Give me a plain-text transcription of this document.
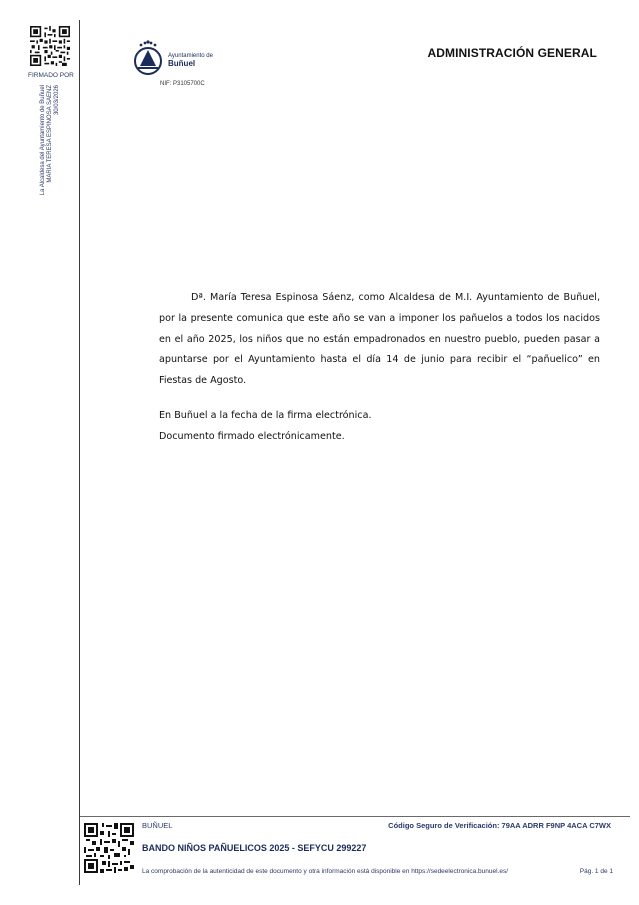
FIRMADO POR
La Alcaldesa del Ayuntamiento de Buñuel MARIA TERESA ESPINOSA SAENZ 30/03/2026
Ayuntamiento de
Buñuel
NIF: P3105700C
ADMINISTRACIÓN GENERAL

Dª. María Teresa Espinosa Sáenz, como Alcaldesa de M.I. Ayuntamiento de Buñuel, por la presente comunica que este año se van a imponer los pañuelos a todos los nacidos en el año 2025, los niños que no están empadronados en nuestro pueblo, pueden pasar a apuntarse por el Ayuntamiento hasta el día 14 de junio para recibir el “pañuelico” en Fiestas de Agosto.

En Buñuel a la fecha de la firma electrónica.

Documento firmado electrónicamente.

BUÑUEL	Código Seguro de Verificación: 79AA ADRR F9NP 4ACA C7WX
BANDO NIÑOS PAÑUELICOS 2025 - SEFYCU 299227
La comprobación de la autenticidad de este documento y otra información está disponible en https://sedeelectronica.bunuel.es/	Pág. 1 de 1
